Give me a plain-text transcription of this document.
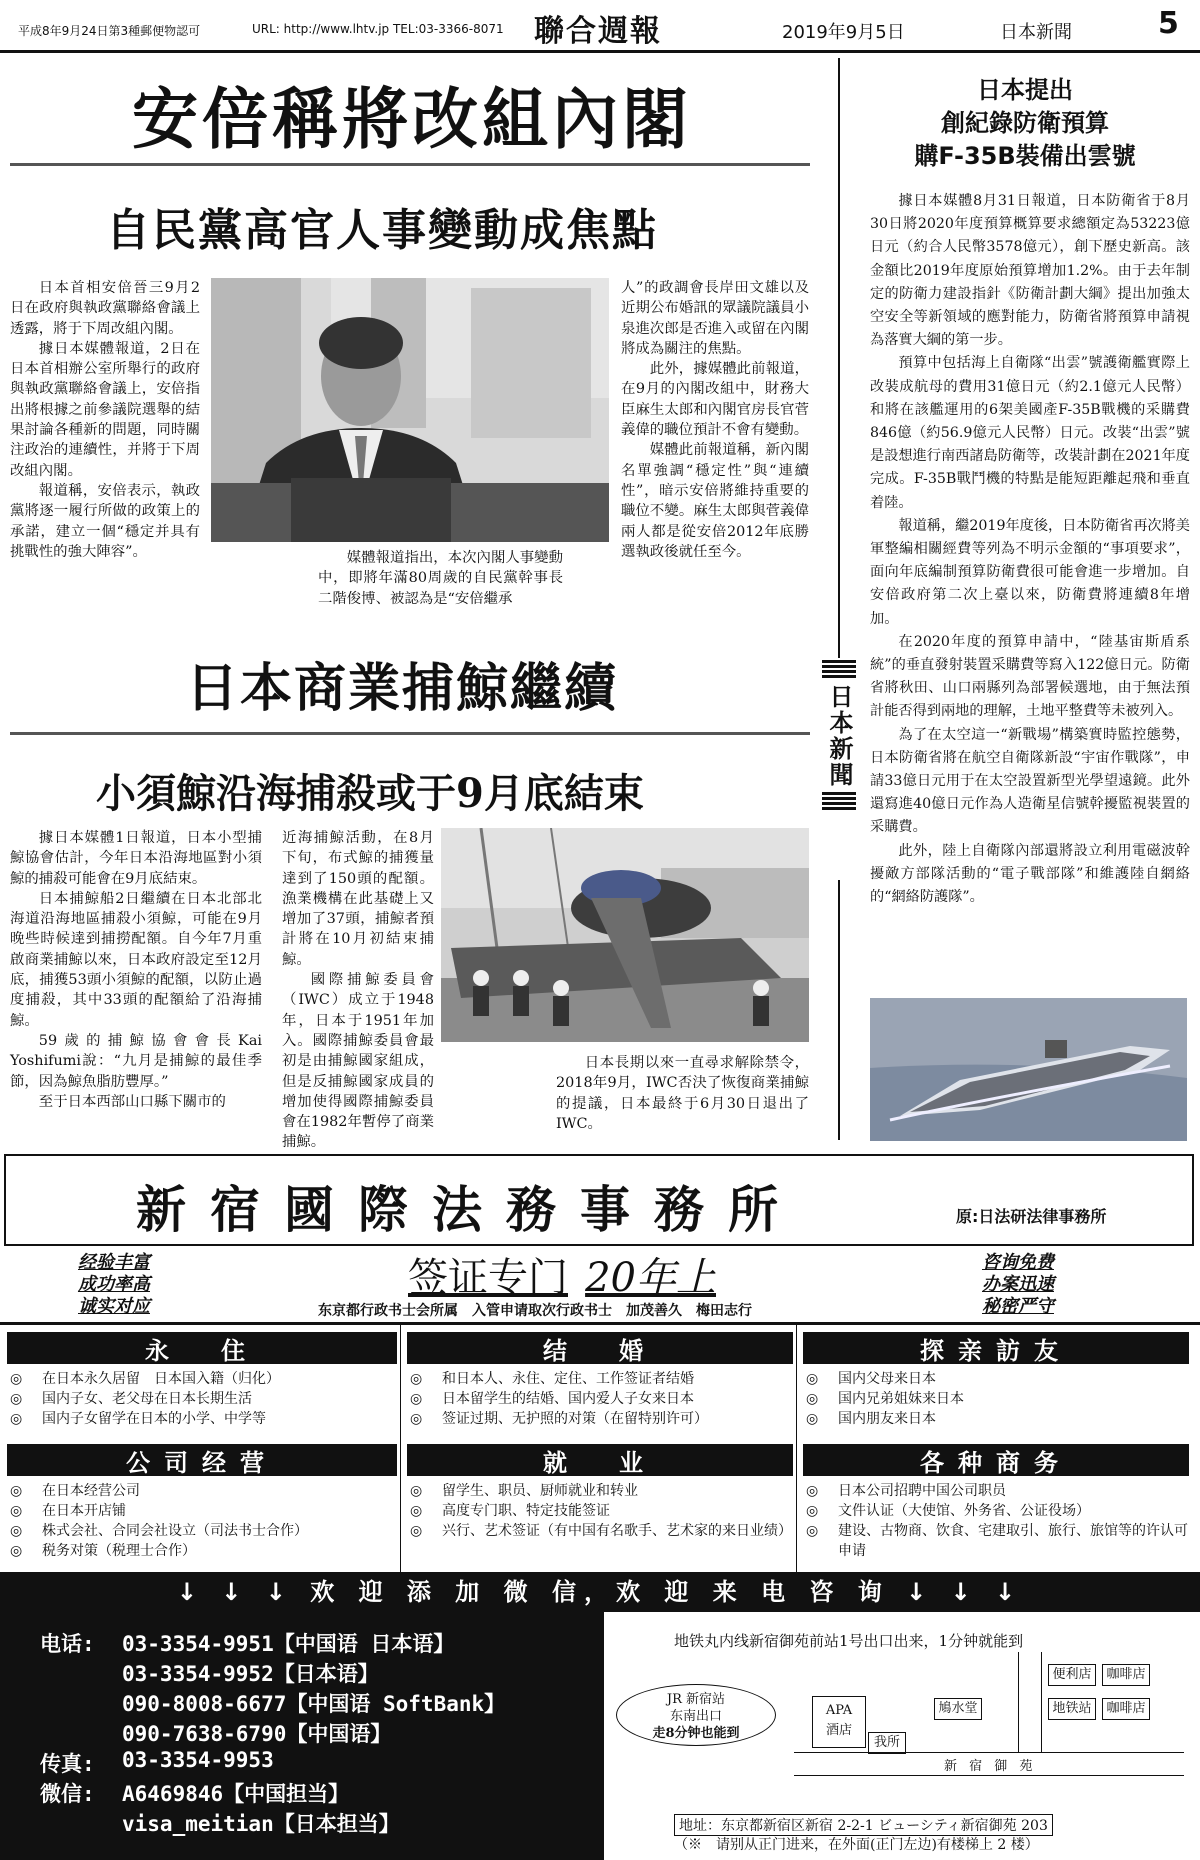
平成8年9月24日第3種郵便物認可	URL: http://www.lhtv.jp TEL:03-3366-8071 聯合週報	2019年9月5日	日本新聞	5
安倍稱將改組內閣
自民黨高官人事變動成焦點

日本首相安倍晉三9月2日在政府與執政黨聯絡會議上透露，將于下周改組內閣。

據日本媒體報道，2日在日本首相辦公室所舉行的政府與執政黨聯絡會議上，安倍指出將根據之前參議院選舉的結果討論各種新的問題，同時關注政治的連續性，并將于下周改組內閣。

報道稱，安倍表示，執政黨將逐一履行所做的政策上的承諾，建立一個“穩定并具有挑戰性的強大陣容”。	媒體報道指出，本次內閣人事變動中，即將年滿80周歲的自民黨幹事長二階俊博、被認為是“安倍繼承

人”的政調會長岸田文雄以及近期公布婚訊的眾議院議員小泉進次郎是否進入或留在內閣將成為關注的焦點。

此外，據媒體此前報道，在9月的內閣改組中，財務大臣麻生太郎和內閣官房長官菅義偉的職位預計不會有變動。

媒體此前報道稱，新內閣名單強調“穩定性”與“連續性”，暗示安倍將維持重要的職位不變。麻生太郎與菅義偉兩人都是從安倍2012年底勝選執政後就任至今。

日本商業捕鯨繼續
小須鯨沿海捕殺或于9月底結束

據日本媒體1日報道，日本小型捕鯨協會估計，今年日本沿海地區對小須鯨的捕殺可能會在9月底結束。

日本捕鯨船2日繼續在日本北部北海道沿海地區捕殺小須鯨，可能在9月晚些時候達到捕撈配額。自今年7月重啟商業捕鯨以來，日本政府設定至12月底，捕獲53頭小須鯨的配額，以防止過度捕殺，其中33頭的配額給了沿海捕鯨。

59歲的捕鯨協會會長Kai Yoshifumi說：“九月是捕鯨的最佳季節，因為鯨魚脂肪豐厚。”

至于日本西部山口縣下關市的

近海捕鯨活動，在8月下旬，布式鯨的捕獲量達到了150頭的配額。漁業機構在此基礎上又增加了37頭，捕鯨者預計將在10月初結束捕鯨。

國際捕鯨委員會（IWC）成立于1948年，日本于1951年加入。國際捕鯨委員會最初是由捕鯨國家組成，但是反捕鯨國家成員的增加使得國際捕鯨委員會在1982年暫停了商業捕鯨。

日本長期以來一直尋求解除禁令，2018年9月，IWC否決了恢復商業捕鯨的提議，日本最終于6月30日退出了IWC。

日本新聞
日本提出
創紀錄防衛預算
購F-35B裝備出雲號

據日本媒體8月31日報道，日本防衛省于8月30日將2020年度預算概算要求總額定為53223億日元（約合人民幣3578億元），創下歷史新高。該金額比2019年度原始預算增加1.2%。由于去年制定的防衛力建設指針《防衛計劃大綱》提出加強太空安全等新領域的應對能力，防衛省將預算申請視為落實大綱的第一步。

預算中包括海上自衛隊“出雲”號護衛艦實際上改裝成航母的費用31億日元（約2.1億元人民幣）和將在該艦運用的6架美國產F-35B戰機的采購費846億（約56.9億元人民幣）日元。改裝“出雲”號是設想進行南西諸島防衛等，改裝計劃在2021年度完成。F-35B戰鬥機的特點是能短距離起飛和垂直着陸。

報道稱，繼2019年度後，日本防衛省再次將美軍整編相關經費等列為不明示金額的“事項要求”，面向年底編制預算防衛費很可能會進一步增加。自安倍政府第二次上臺以來，防衛費將連續8年增加。

在2020年度的預算申請中，“陸基宙斯盾系統”的垂直發射裝置采購費等寫入122億日元。防衛省將秋田、山口兩縣列為部署候選地，由于無法預計能否得到兩地的理解，土地平整費等未被列入。

為了在太空這一“新戰場”構築實時監控態勢，日本防衛省將在航空自衛隊新設“宇宙作戰隊”，申請33億日元用于在太空設置新型光學望遠鏡。此外還寫進40億日元作為人造衛星信號幹擾監視裝置的采購費。

此外，陸上自衛隊內部還將設立利用電磁波幹擾敵方部隊活動的“電子戰部隊”和維護陸自網絡的“網絡防護隊”。

新宿國際法務事務所	原:日法研法律事務所
经验丰富
成功率高
诚实对应
咨询免费
办案迅速
秘密严守
签证专门 20年上
东京都行政书士会所属　入管申请取次行政书士　加茂善久　梅田志行
永　住
◎ 在日本永久居留　日本国入籍（归化）
◎ 国内子女、老父母在日本长期生活
◎ 国内子女留学在日本的小学、中学等
结　婚
◎ 和日本人、永住、定住、工作签证者结婚
◎ 日本留学生的结婚、国内爱人子女来日本
◎ 签证过期、无护照的对策（在留特别许可）
探亲訪友
◎ 国内父母来日本
◎ 国内兄弟姐妹来日本
◎ 国内朋友来日本
公司经营
◎ 在日本经营公司
◎ 在日本开店铺
◎ 株式会社、合同会社设立（司法书士合作）
◎ 税务对策（税理士合作）
就　业
◎ 留学生、职员、厨师就业和转业
◎ 高度专门职、特定技能签证
◎ 兴行、艺术签证（有中国有名歌手、艺术家的来日业绩）
各种商务
◎ 日本公司招聘中国公司职员
◎ 文件认证（大使馆、外务省、公证役场）
◎ 建设、古物商、饮食、宅建取引、旅行、旅馆等的许认可申请
↓ ↓ ↓ 欢 迎 添 加 微 信，欢 迎 来 电 咨 询 ↓ ↓ ↓
电话: 03-3354-9951【中国语 日本语】
03-3354-9952【日本语】
090-8008-6677【中国语 SoftBank】
090-7638-6790【中国语】
传真: 03-3354-9953
微信: A6469846【中国担当】
visa_meitian【日本担当】
地铁丸内线新宿御苑前站1号出口出来，1分钟就能到
JR 新宿站
东南出口
走8分钟也能到
APA
酒店
我所
便利店	咖啡店
鳩水堂	地铁站	咖啡店
新 宿 御 苑
地址：东京都新宿区新宿 2-2-1 ビューシティ新宿御苑 203
（※　请别从正门进来，在外面(正门左边)有楼梯上 2 楼）
